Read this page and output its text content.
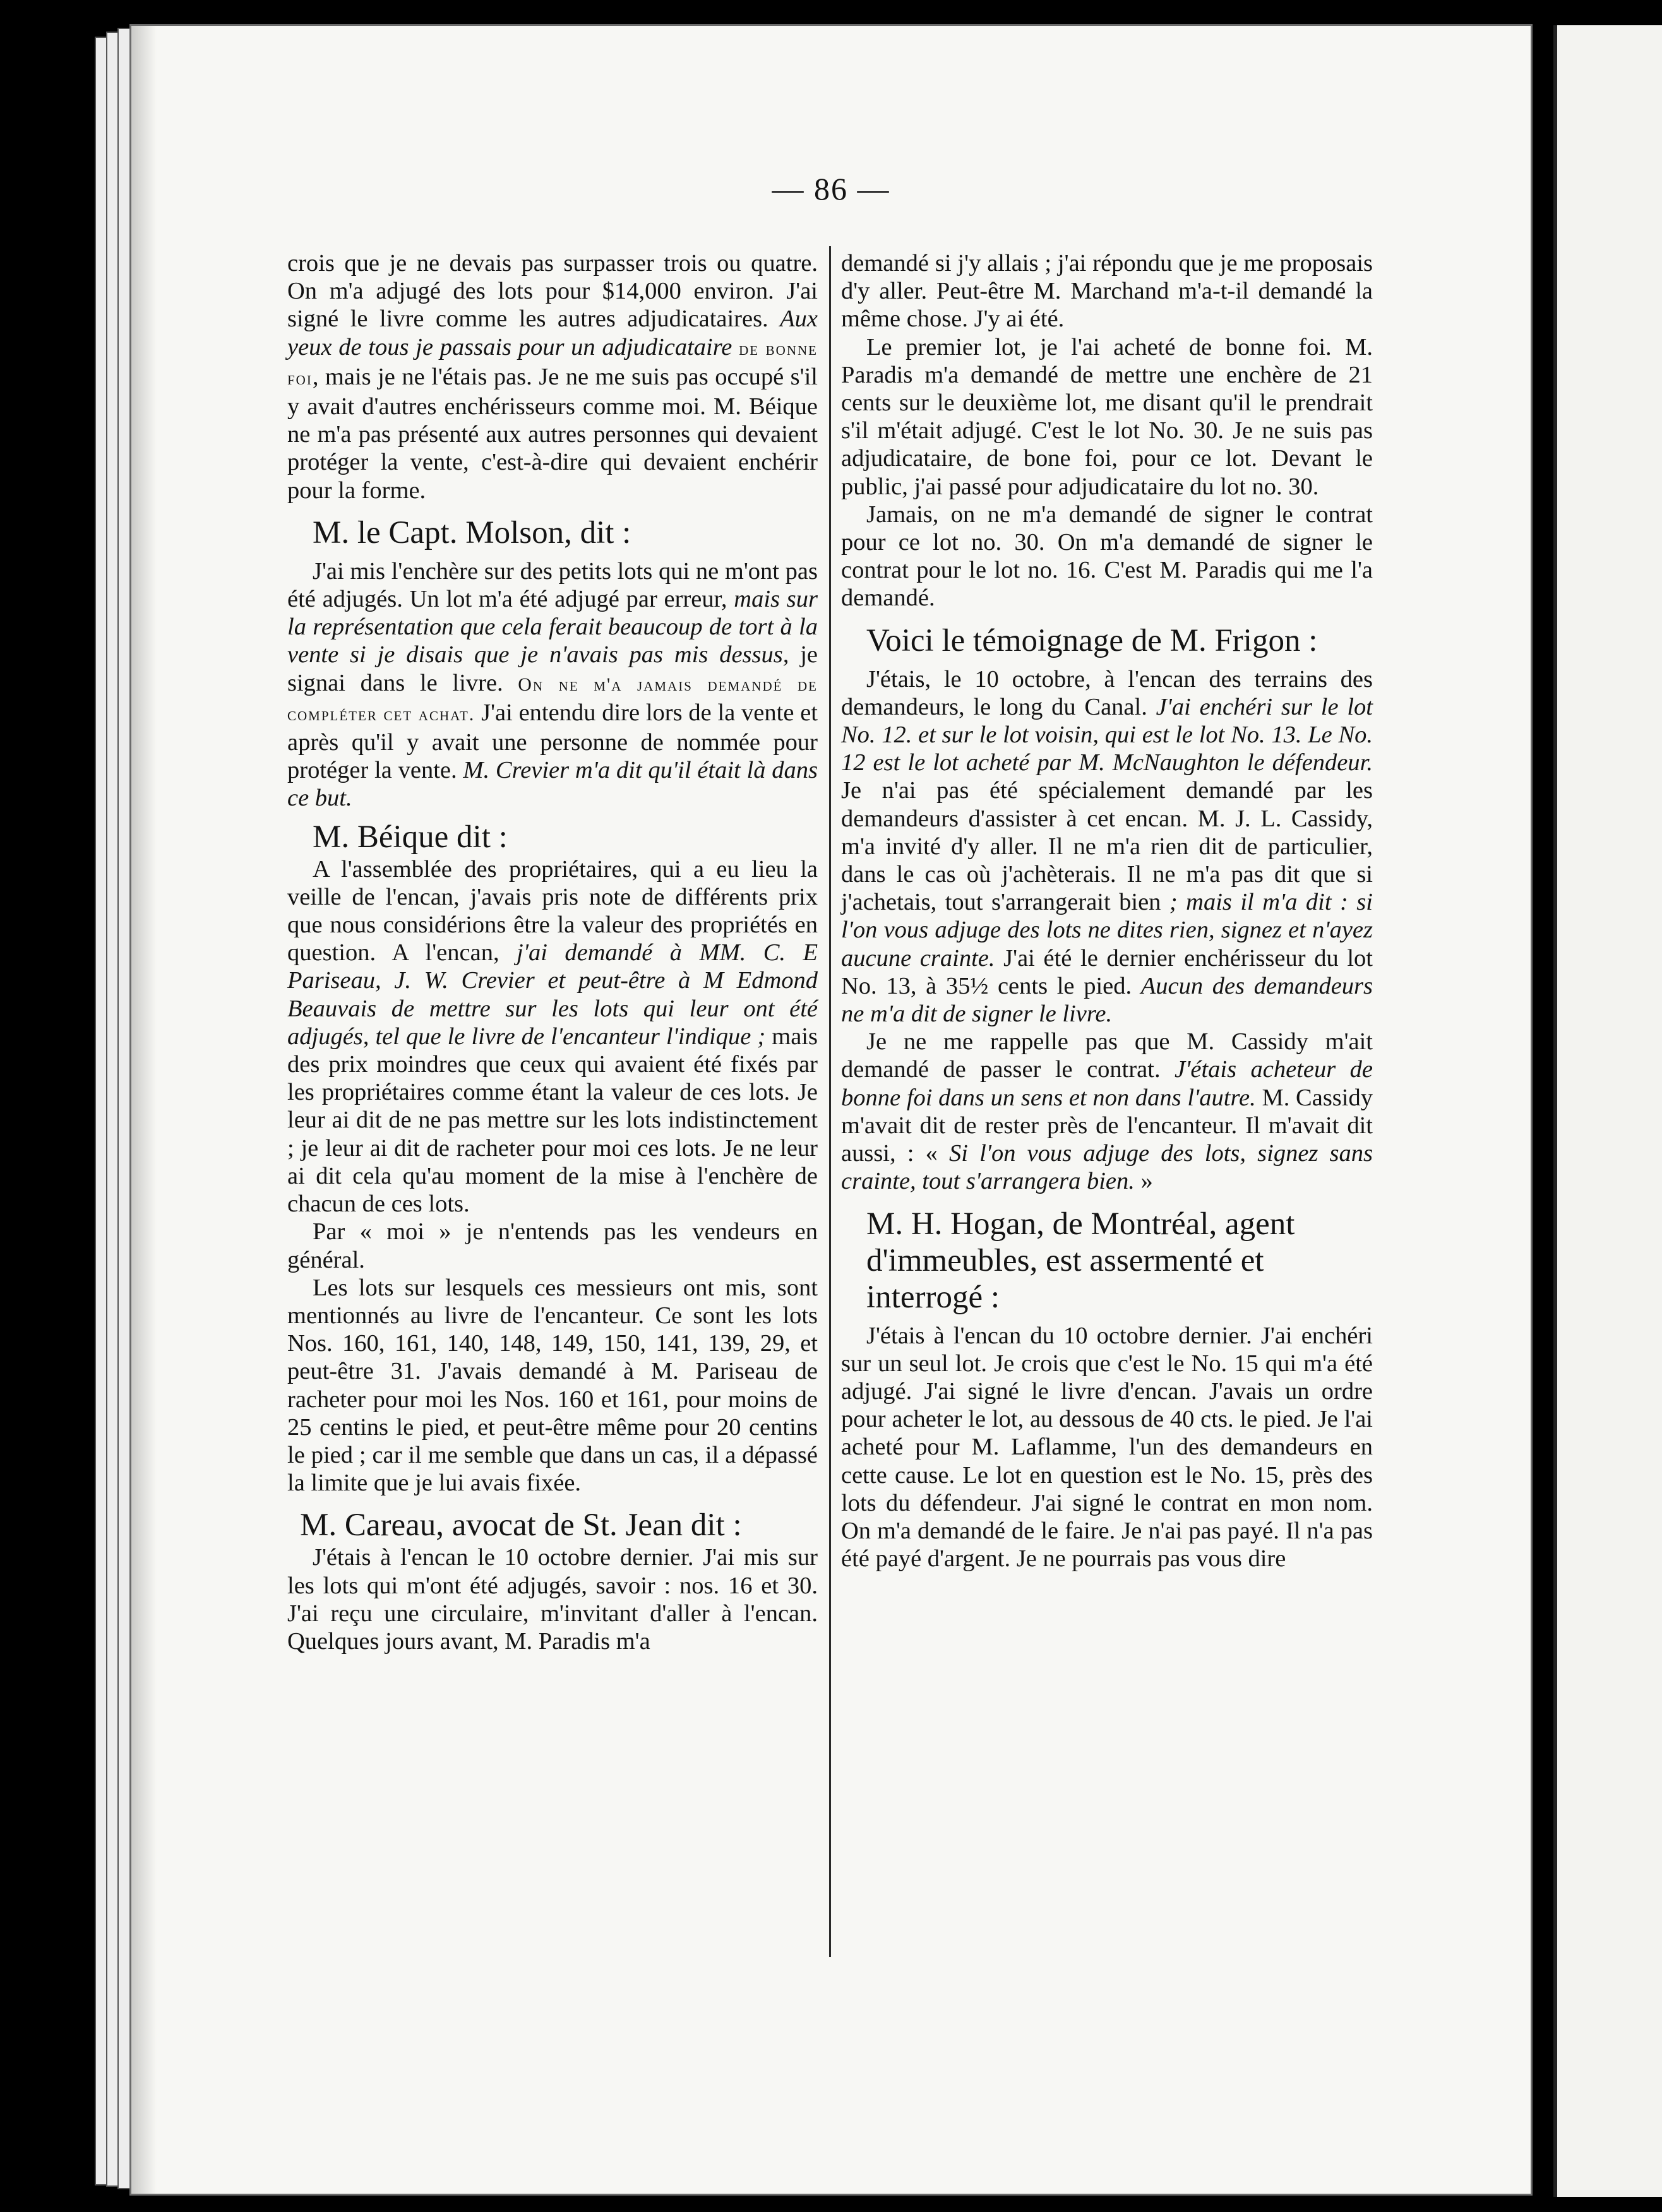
— 86 —

crois que je ne devais pas surpasser trois ou quatre. On m'a adjugé des lots pour $14,000 environ. J'ai signé le livre comme les autres adjudicataires. Aux yeux de tous je passais pour un adjudicataire de bonne foi, mais je ne l'étais pas. Je ne me suis pas occupé s'il y avait d'autres enchérisseurs comme moi. M. Béique ne m'a pas présenté aux autres personnes qui devaient protéger la vente, c'est-à-dire qui devaient enchérir pour la forme.

M. le Capt. Molson, dit :

J'ai mis l'enchère sur des petits lots qui ne m'ont pas été adjugés. Un lot m'a été adjugé par erreur, mais sur la représentation que cela ferait beaucoup de tort à la vente si je disais que je n'avais pas mis dessus, je signai dans le livre. On ne m'a jamais demandé de compléter cet achat. J'ai entendu dire lors de la vente et après qu'il y avait une personne de nommée pour protéger la vente. M. Crevier m'a dit qu'il était là dans ce but.

M. Béique dit :

A l'assemblée des propriétaires, qui a eu lieu la veille de l'encan, j'avais pris note de différents prix que nous considérions être la valeur des propriétés en question. A l'encan, j'ai demandé à MM. C. E Pariseau, J. W. Crevier et peut-être à M Edmond Beauvais de mettre sur les lots qui leur ont été adjugés, tel que le livre de l'encanteur l'indique ; mais des prix moindres que ceux qui avaient été fixés par les propriétaires comme étant la valeur de ces lots. Je leur ai dit de ne pas mettre sur les lots indistinctement ; je leur ai dit de racheter pour moi ces lots. Je ne leur ai dit cela qu'au moment de la mise à l'enchère de chacun de ces lots.

Par « moi » je n'entends pas les vendeurs en général.

Les lots sur lesquels ces messieurs ont mis, sont mentionnés au livre de l'encanteur. Ce sont les lots Nos. 160, 161, 140, 148, 149, 150, 141, 139, 29, et peut-être 31. J'avais demandé à M. Pariseau de racheter pour moi les Nos. 160 et 161, pour moins de 25 centins le pied, et peut-être même pour 20 centins le pied ; car il me semble que dans un cas, il a dépassé la limite que je lui avais fixée.

M. Careau, avocat de St. Jean dit :

J'étais à l'encan le 10 octobre dernier. J'ai mis sur les lots qui m'ont été adjugés, savoir : nos. 16 et 30. J'ai reçu une circulaire, m'invitant d'aller à l'encan. Quelques jours avant, M. Paradis m'a

demandé si j'y allais ; j'ai répondu que je me proposais d'y aller. Peut-être M. Marchand m'a-t-il demandé la même chose. J'y ai été.

Le premier lot, je l'ai acheté de bonne foi. M. Paradis m'a demandé de mettre une enchère de 21 cents sur le deuxième lot, me disant qu'il le prendrait s'il m'était adjugé. C'est le lot No. 30. Je ne suis pas adjudicataire, de bone foi, pour ce lot. Devant le public, j'ai passé pour adjudicataire du lot no. 30.

Jamais, on ne m'a demandé de signer le contrat pour ce lot no. 30. On m'a demandé de signer le contrat pour le lot no. 16. C'est M. Paradis qui me l'a demandé.

Voici le témoignage de M. Frigon :

J'étais, le 10 octobre, à l'encan des terrains des demandeurs, le long du Canal. J'ai enchéri sur le lot No. 12. et sur le lot voisin, qui est le lot No. 13. Le No. 12 est le lot acheté par M. McNaughton le défendeur. Je n'ai pas été spécialement demandé par les demandeurs d'assister à cet encan. M. J. L. Cassidy, m'a invité d'y aller. Il ne m'a rien dit de particulier, dans le cas où j'achèterais. Il ne m'a pas dit que si j'achetais, tout s'arrangerait bien ; mais il m'a dit : si l'on vous adjuge des lots ne dites rien, signez et n'ayez aucune crainte. J'ai été le dernier enchérisseur du lot No. 13, à 35½ cents le pied. Aucun des demandeurs ne m'a dit de signer le livre.

Je ne me rappelle pas que M. Cassidy m'ait demandé de passer le contrat. J'étais acheteur de bonne foi dans un sens et non dans l'autre. M. Cassidy m'avait dit de rester près de l'encanteur. Il m'avait dit aussi, : « Si l'on vous adjuge des lots, signez sans crainte, tout s'arrangera bien. »

M. H. Hogan, de Montréal, agent d'immeubles, est assermenté et interrogé :

J'étais à l'encan du 10 octobre dernier. J'ai enchéri sur un seul lot. Je crois que c'est le No. 15 qui m'a été adjugé. J'ai signé le livre d'encan. J'avais un ordre pour acheter le lot, au dessous de 40 cts. le pied. Je l'ai acheté pour M. Laflamme, l'un des demandeurs en cette cause. Le lot en question est le No. 15, près des lots du défendeur. J'ai signé le contrat en mon nom. On m'a demandé de le faire. Je n'ai pas payé. Il n'a pas été payé d'argent. Je ne pourrais pas vous dire
